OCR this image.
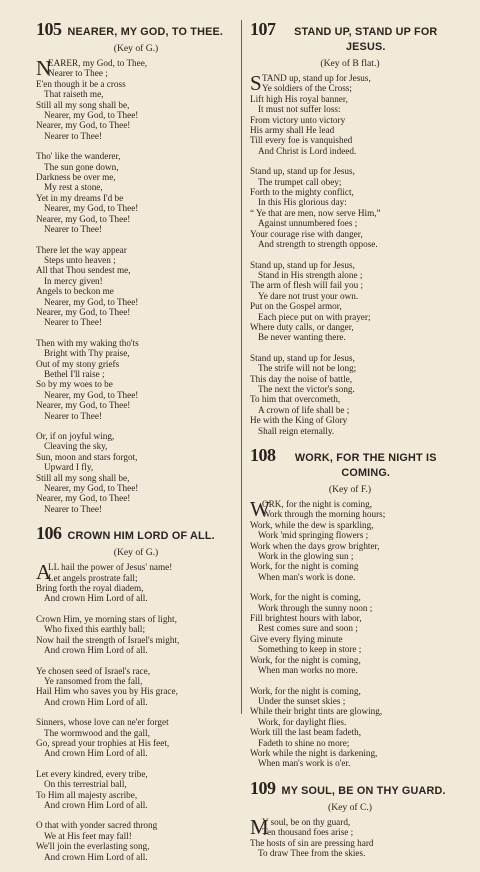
105 NEARER, MY GOD, TO THEE.
(Key of G.)
N
EARER, my God, to Thee,
Nearer to Thee ;
E'en though it be a cross
That raiseth me,
Still all my song shall be,
Nearer, my God, to Thee!
Nearer, my God, to Thee!
Nearer to Thee!
Tho' like the wanderer,
The sun gone down,
Darkness be over me,
My rest a stone,
Yet in my dreams I'd be
Nearer, my God, to Thee!
Nearer, my God, to Thee!
Nearer to Thee!
There let the way appear
Steps unto heaven ;
All that Thou sendest me,
In mercy given!
Angels to beckon me
Nearer, my God, to Thee!
Nearer, my God, to Thee!
Nearer to Thee!
Then with my waking tho'ts
Bright with Thy praise,
Out of my stony griefs
Bethel I'll raise ;
So by my woes to be
Nearer, my God, to Thee!
Nearer, my God, to Thee!
Nearer to Thee!
Or, if on joyful wing,
Cleaving the sky,
Sun, moon and stars forgot,
Upward I fly,
Still all my song shall be,
Nearer, my God, to Thee!
Nearer, my God, to Thee!
Nearer to Thee!
106 CROWN HIM LORD OF ALL.
(Key of G.)
A
LL hail the power of Jesus' name!
Let angels prostrate fall;
Bring forth the royal diadem,
And crown Him Lord of all.
Crown Him, ye morning stars of light,
Who fixed this earthly ball;
Now hail the strength of Israel's might,
And crown Him Lord of all.
Ye chosen seed of Israel's race,
Ye ransomed from the fall,
Hail Him who saves you by His grace,
And crown Him Lord of all.
Sinners, whose love can ne'er forget
The wormwood and the gall,
Go, spread your trophies at His feet,
And crown Him Lord of all.
Let every kindred, every tribe,
On this terrestrial ball,
To Him all majesty ascribe,
And crown Him Lord of all.
O that with yonder sacred throng
We at His feet may fall!
We'll join the everlasting song,
And crown Him Lord of all.
107	STAND UP, STAND UP FOR JESUS.
(Key of B flat.)
S TAND up, stand up for Jesus,
Ye soldiers of the Cross;
Lift high His royal banner,
It must not suffer loss:
From victory unto victory
His army shall He lead
Till every foe is vanquished
And Christ is Lord indeed.
Stand up, stand up for Jesus,
The trumpet call obey;
Forth to the mighty conflict,
In this His glorious day:
“ Ye that are men, now serve Him,”
Against unnumbered foes ;
Your courage rise with danger,
And strength to strength oppose.
Stand up, stand up for Jesus,
Stand in His strength alone ;
The arm of flesh will fail you ;
Ye dare not trust your own.
Put on the Gospel armor,
Each piece put on with prayer;
Where duty calls, or danger,
Be never wanting there.
Stand up, stand up for Jesus,
The strife will not be long;
This day the noise of battle,
The next the victor's song.
To him that overcometh,
A crown of life shall be ;
He with the King of Glory
Shall reign eternally.
108	WORK, FOR THE NIGHT IS COMING.
(Key of F.)
W
ORK, for the night is coming,
Work through the morning hours;
Work, while the dew is sparkling,
Work 'mid springing flowers ;
Work when the days grow brighter,
Work in the glowing sun ;
Work, for the night is coming
When man's work is done.
Work, for the night is coming,
Work through the sunny noon ;
Fill brightest hours with labor,
Rest comes sure and soon ;
Give every flying minute
Something to keep in store ;
Work, for the night is coming,
When man works no more.
Work, for the night is coming,
Under the sunset skies ;
While their bright tints are glowing,
Work, for daylight flies.
Work till the last beam fadeth,
Fadeth to shine no more;
Work while the night is darkening,
When man's work is o'er.
109 MY SOUL, BE ON THY GUARD.
(Key of C.)
M
Y soul, be on thy guard,
Ten thousand foes arise ;
The hosts of sin are pressing hard
To draw Thee from the skies.
